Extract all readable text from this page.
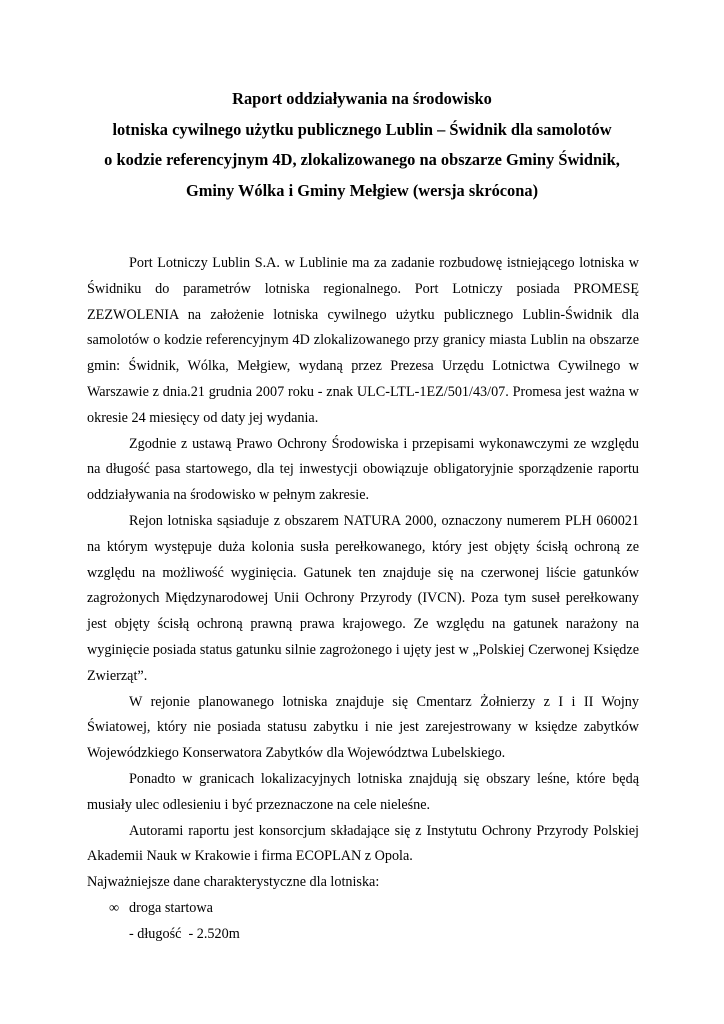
Raport oddziaływania na środowisko
lotniska cywilnego użytku publicznego Lublin – Świdnik dla samolotów
o kodzie referencyjnym 4D, zlokalizowanego na obszarze Gminy Świdnik,
Gminy Wólka i Gminy Mełgiew (wersja skrócona)

Port Lotniczy Lublin S.A. w Lublinie ma za zadanie rozbudowę istniejącego lotniska w Świdniku do parametrów lotniska regionalnego. Port Lotniczy posiada PROMESĘ ZEZWOLENIA na założenie lotniska cywilnego użytku publicznego Lublin-Świdnik dla samolotów o kodzie referencyjnym 4D zlokalizowanego przy granicy miasta Lublin na obszarze gmin: Świdnik, Wólka, Mełgiew, wydaną przez Prezesa Urzędu Lotnictwa Cywilnego w Warszawie z dnia.21 grudnia 2007 roku - znak ULC-LTL-1EZ/501/43/07. Promesa jest ważna w okresie 24 miesięcy od daty jej wydania.

Zgodnie z ustawą Prawo Ochrony Środowiska i przepisami wykonawczymi ze względu na długość pasa startowego, dla tej inwestycji obowiązuje obligatoryjnie sporządzenie raportu oddziaływania na środowisko w pełnym zakresie.

Rejon lotniska sąsiaduje z obszarem NATURA 2000, oznaczony numerem PLH 060021 na którym występuje duża kolonia susła perełkowanego, który jest objęty ścisłą ochroną ze względu na możliwość wyginięcia. Gatunek ten znajduje się na czerwonej liście gatunków zagrożonych Międzynarodowej Unii Ochrony Przyrody (IVCN). Poza tym suseł perełkowany jest objęty ścisłą ochroną prawną prawa krajowego. Ze względu na gatunek narażony na wyginięcie posiada status gatunku silnie zagrożonego i ujęty jest w „Polskiej Czerwonej Księdze Zwierząt”.

W rejonie planowanego lotniska znajduje się Cmentarz Żołnierzy z I i II Wojny Światowej, który nie posiada statusu zabytku i nie jest zarejestrowany w księdze zabytków Wojewódzkiego Konserwatora Zabytków dla Województwa Lubelskiego.

Ponadto w granicach lokalizacyjnych lotniska znajdują się obszary leśne, które będą musiały ulec odlesieniu i być przeznaczone na cele nieleśne.

Autorami raportu jest konsorcjum składające się z Instytutu Ochrony Przyrody Polskiej Akademii Nauk w Krakowie i firma ECOPLAN z Opola.

Najważniejsze dane charakterystyczne dla lotniska:

∞ droga startowa
- długość  - 2.520m
